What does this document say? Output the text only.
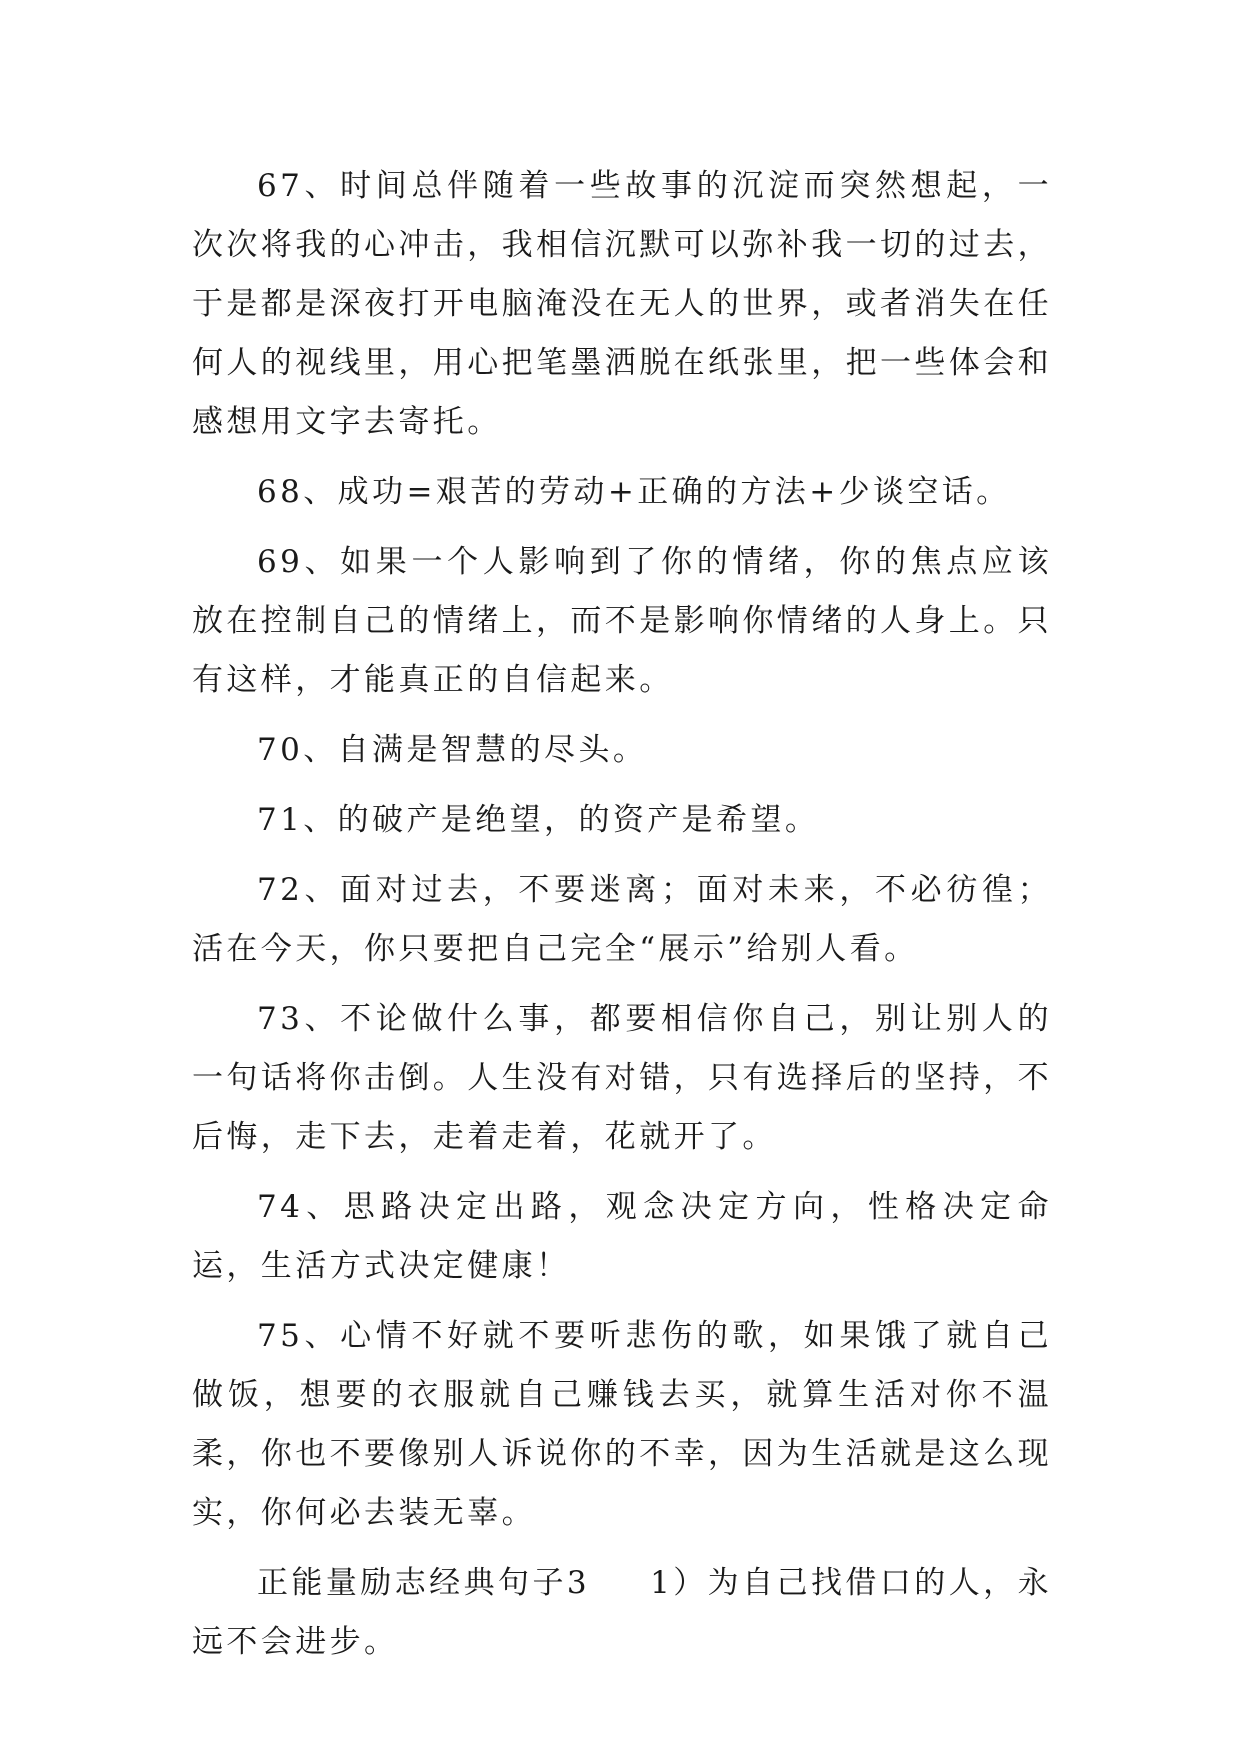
67、时间总伴随着一些故事的沉淀而突然想起，一次次将我的心冲击，我相信沉默可以弥补我一切的过去，于是都是深夜打开电脑淹没在无人的世界，或者消失在任何人的视线里，用心把笔墨洒脱在纸张里，把一些体会和感想用文字去寄托。

68、成功=艰苦的劳动+正确的方法+少谈空话。

69、如果一个人影响到了你的情绪，你的焦点应该放在控制自己的情绪上，而不是影响你情绪的人身上。只有这样，才能真正的自信起来。

70、自满是智慧的尽头。

71、的破产是绝望，的资产是希望。

72、面对过去，不要迷离；面对未来，不必彷徨；活在今天，你只要把自己完全“展示”给别人看。

73、不论做什么事，都要相信你自己，别让别人的一句话将你击倒。人生没有对错，只有选择后的坚持，不后悔，走下去，走着走着，花就开了。

74、思路决定出路，观念决定方向，性格决定命运，生活方式决定健康！

75、心情不好就不要听悲伤的歌，如果饿了就自己做饭，想要的衣服就自己赚钱去买，就算生活对你不温柔，你也不要像别人诉说你的不幸，因为生活就是这么现实，你何必去装无辜。

正能量励志经典句子3 1）为自己找借口的人，永远不会进步。
